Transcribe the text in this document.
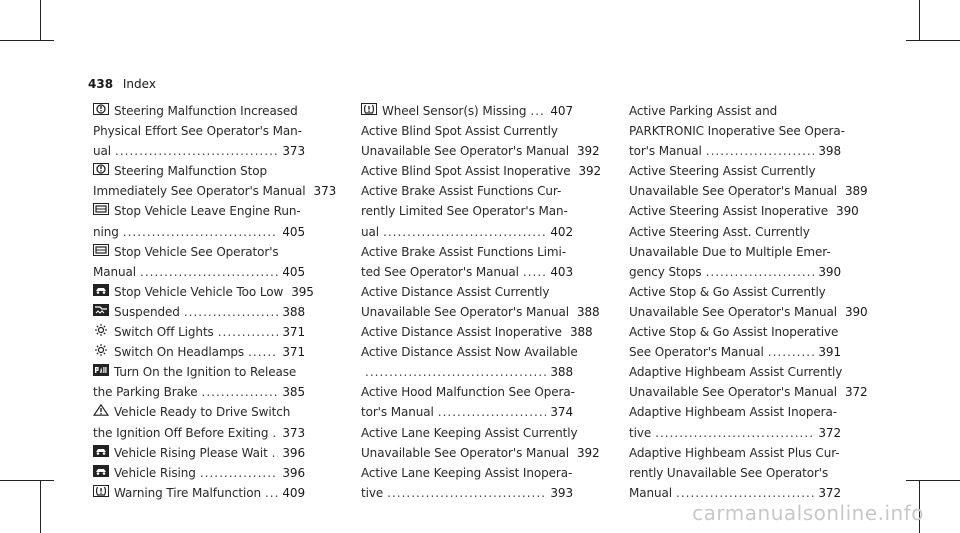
438 Index
Steering Malfunction Increased
Physical Effort See Operator's Man-
ual .....	373
Steering Malfunction Stop
Immediately See Operator's Manual 373
Stop Vehicle Leave Engine Run-
ning .....	405
Stop Vehicle See Operator's
Manual .....	405
Stop Vehicle Vehicle Too Low 395
Suspended .....	388
Switch Off Lights .....	371
Switch On Headlamps .....	371
Turn On the Ignition to Release
the Parking Brake .....	385
Vehicle Ready to Drive Switch
the Ignition Off Before Exiting ..... 373
Vehicle Rising Please Wait ..... 396
Vehicle Rising .....	396
Warning Tire Malfunction ..... 409
Wheel Sensor(s) Missing ..... 407
Active Blind Spot Assist Currently
Unavailable See Operator's Manual 392
Active Blind Spot Assist Inoperative 392
Active Brake Assist Functions Cur-
rently Limited See Operator's Man-
ual .....	402
Active Brake Assist Functions Limi-
ted See Operator's Manual .....	403
Active Distance Assist Currently
Unavailable See Operator's Manual 388
Active Distance Assist Inoperative 388
Active Distance Assist Now Available
.....
388
Active Hood Malfunction See Opera-
tor's Manual .....	374
Active Lane Keeping Assist Currently
Unavailable See Operator's Manual 392
Active Lane Keeping Assist Inopera-
tive .....	393
Active Parking Assist and
PARKTRONIC Inoperative See Opera-
tor's Manual .....	398
Active Steering Assist Currently
Unavailable See Operator's Manual 389
Active Steering Assist Inoperative 390
Active Steering Asst. Currently
Unavailable Due to Multiple Emer-
gency Stops .....	390
Active Stop & Go Assist Currently
Unavailable See Operator's Manual 390
Active Stop & Go Assist Inoperative
See Operator's Manual .....	391
Adaptive Highbeam Assist Currently
Unavailable See Operator's Manual 372
Adaptive Highbeam Assist Inopera-
tive .....	372
Adaptive Highbeam Assist Plus Cur-
rently Unavailable See Operator's
Manual .....	372
carmanualsonline.info
